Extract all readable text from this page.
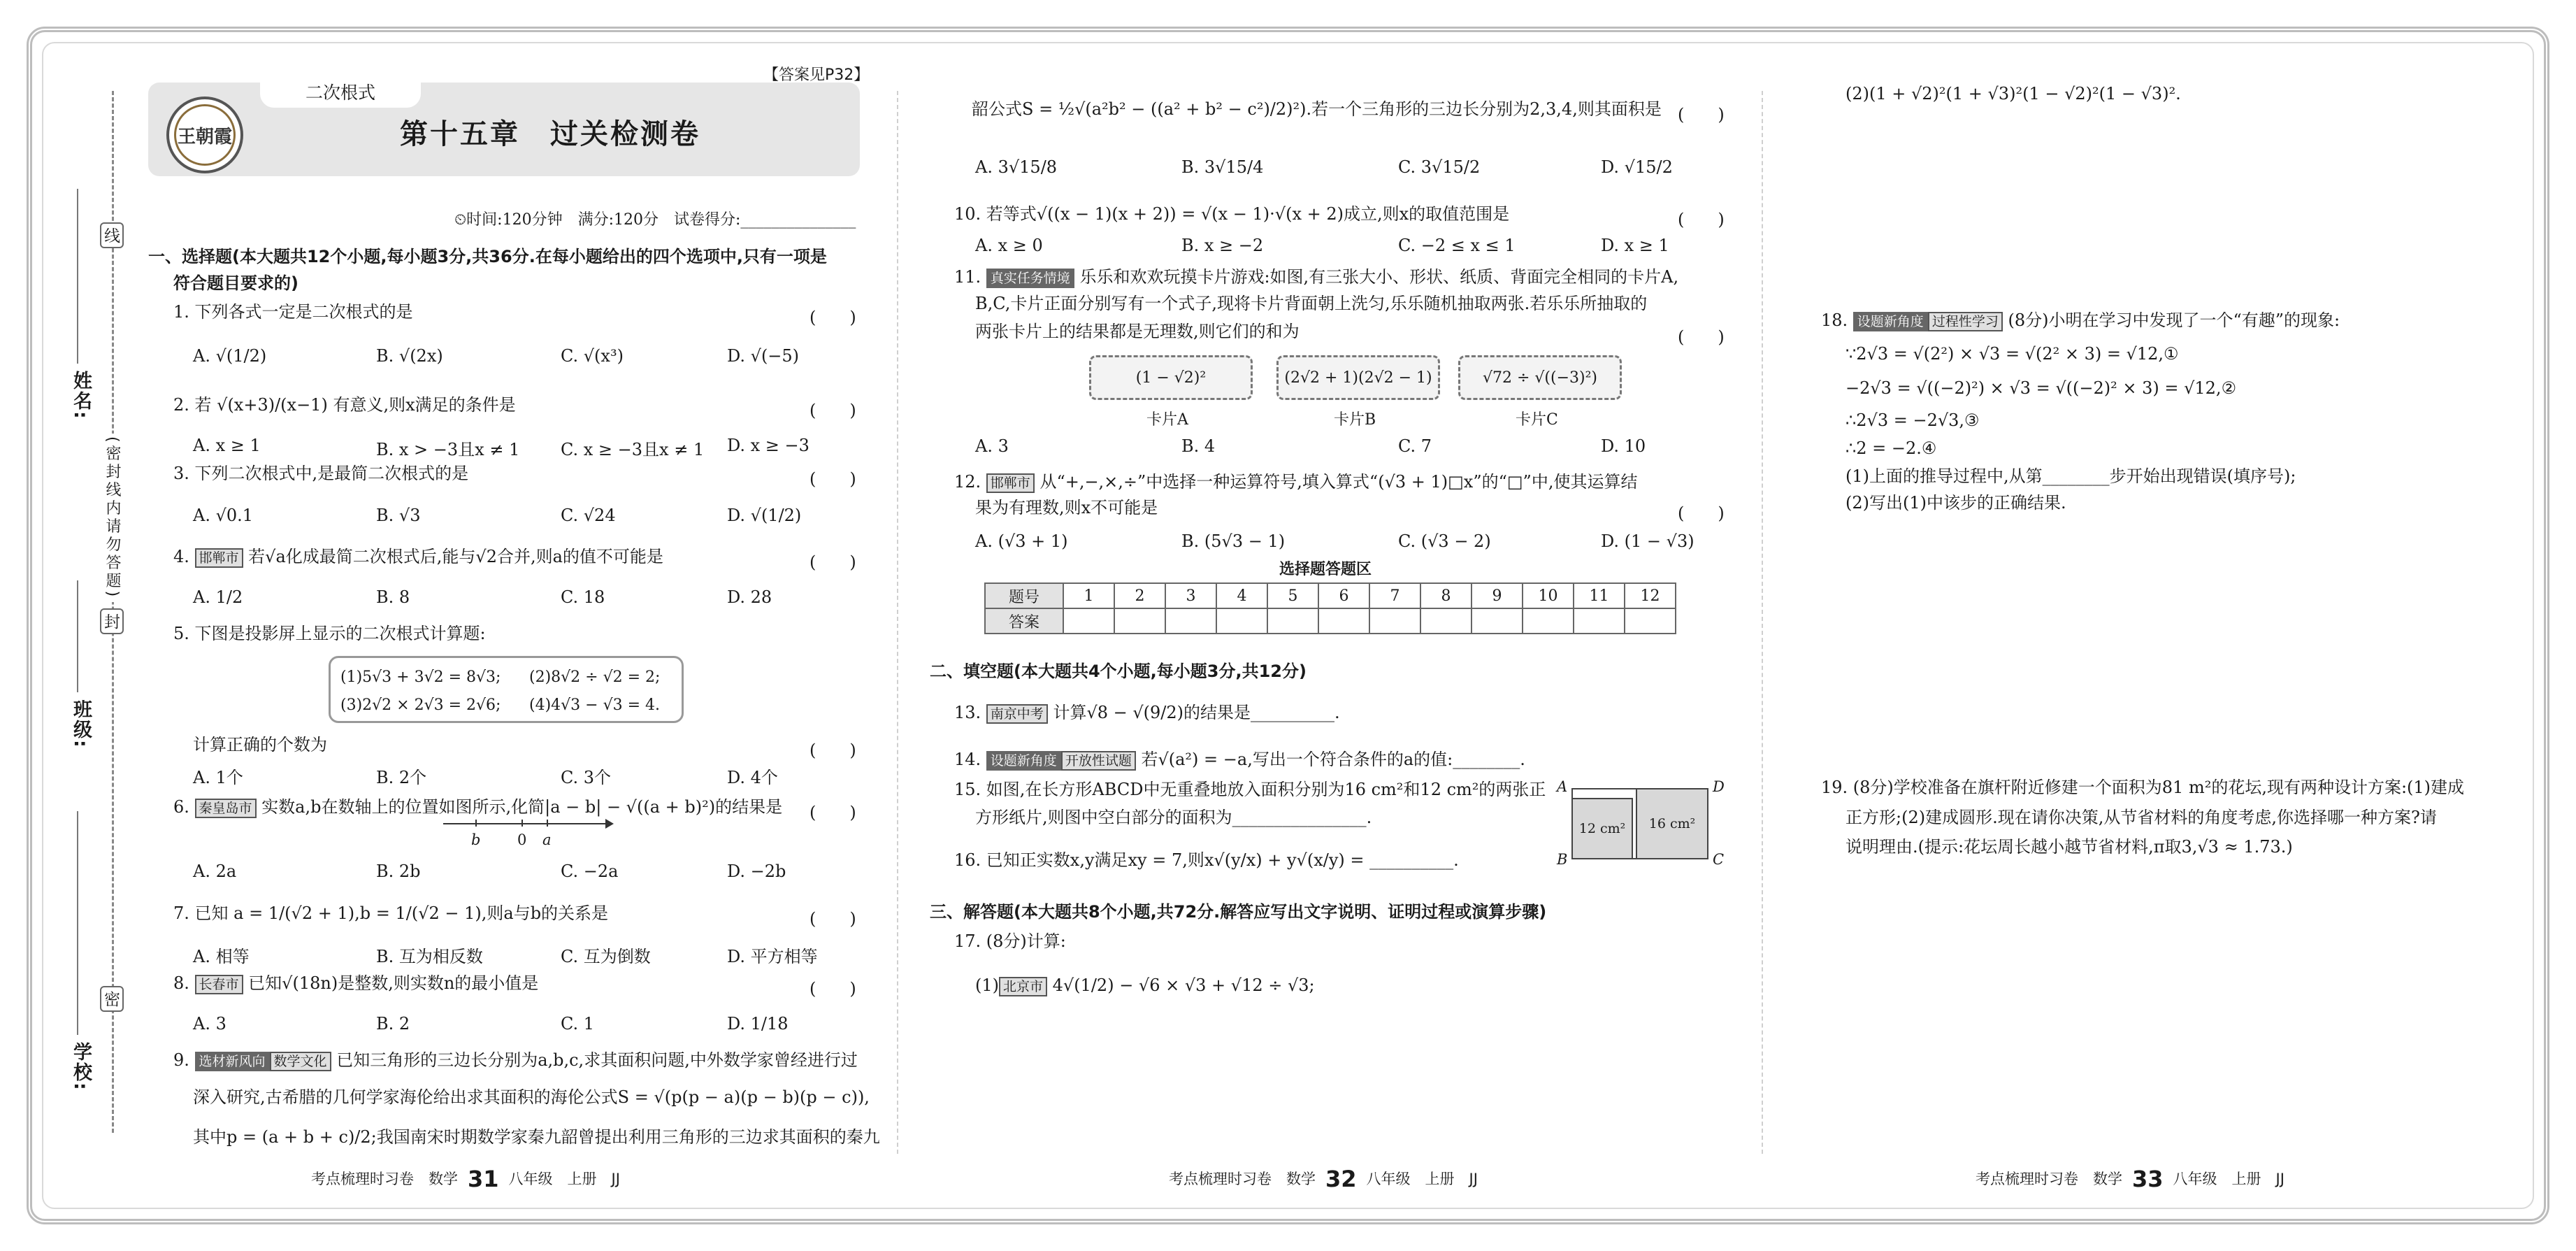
姓名:
班级:
学校:
线
封
密
(密封线内请勿答题)
王朝霞
二次根式
【答案见P32】
第十五章　过关检测卷
⏲时间:120分钟　满分:120分　试卷得分:_______________
一、选择题(本大题共12个小题,每小题3分,共36分.在每小题给出的四个选项中,只有一项是
符合题目要求的)
1. 下列各式一定是二次根式的是	(　　)
A. √(1/2)	B. √(2x)	C. √(x³)	D. √(−5)
2. 若 √(x+3)/(x−1) 有意义,则x满足的条件是	(　　)
A. x ≥ 1	B. x > −3且x ≠ 1 C. x ≥ −3且x ≠ 1 D. x ≥ −3
3. 下列二次根式中,是最简二次根式的是	(　　)
A. √0.1	B. √3	C. √24	D. √(1/2)
4. 邯郸市 若√a化成最简二次根式后,能与√2合并,则a的值不可能是	(　　)
A. 1/2	B. 8	C. 18	D. 28
5. 下图是投影屏上显示的二次根式计算题:
(1)5√3 + 3√2 = 8√3; (2)8√2 ÷ √2 = 2;
(3)2√2 × 2√3 = 2√6; (4)4√3 − √3 = 4.
计算正确的个数为	(　　)
A. 1个	B. 2个	C. 3个	D. 4个
6. 秦皇岛市 实数a,b在数轴上的位置如图所示,化简|a − b| − √((a + b)²)的结果是 (　　)
b	0 a
A. 2a	B. 2b	C. −2a	D. −2b
7. 已知 a = 1/(√2 + 1),b = 1/(√2 − 1),则a与b的关系是	(　　)
A. 相等	B. 互为相反数	C. 互为倒数	D. 平方相等
8. 长春市 已知√(18n)是整数,则实数n的最小值是	(　　)
A. 3	B. 2	C. 1	D. 1/18
9. 选材新风向 数学文化 已知三角形的三边长分别为a,b,c,求其面积问题,中外数学家曾经进行过
深入研究,古希腊的几何学家海伦给出求其面积的海伦公式S = √(p(p − a)(p − b)(p − c)),
其中p = (a + b + c)/2;我国南宋时期数学家秦九韶曾提出利用三角形的三边求其面积的秦九
考点梳理时习卷　数学 31 八年级　上册　JJ
韶公式S = ½√(a²b² − ((a² + b² − c²)/2)²).若一个三角形的三边长分别为2,3,4,则其面积是 (　　)
A. 3√15/8	B. 3√15/4	C. 3√15/2	D. √15/2
10. 若等式√((x − 1)(x + 2)) = √(x − 1)·√(x + 2)成立,则x的取值范围是	(　　)
A. x ≥ 0	B. x ≥ −2	C. −2 ≤ x ≤ 1	D. x ≥ 1
11. 真实任务情境 乐乐和欢欢玩摸卡片游戏:如图,有三张大小、形状、纸质、背面完全相同的卡片A,
B,C,卡片正面分别写有一个式子,现将卡片背面朝上洗匀,乐乐随机抽取两张.若乐乐所抽取的
两张卡片上的结果都是无理数,则它们的和为	(　　)
(1 − √2)²	(2√2 + 1)(2√2 − 1)	√72 ÷ √((−3)²)
卡片A	卡片B	卡片C
A. 3	B. 4	C. 7	D. 10
12. 邯郸市 从“+,−,×,÷”中选择一种运算符号,填入算式“(√3 + 1)□x”的“□”中,使其运算结
果为有理数,则x不可能是	(　　)
A. (√3 + 1)	B. (5√3 − 1)	C. (√3 − 2)	D. (1 − √3)
选择题答题区
题号	1	2	3	4	5	6	7	8	9	10	11	12
答案												
二、填空题(本大题共4个小题,每小题3分,共12分)
13. 南京中考 计算√8 − √(9/2)的结果是__________.
14. 设题新角度 开放性试题 若√(a²) = −a,写出一个符合条件的a的值:________.
15. 如图,在长方形ABCD中无重叠地放入面积分别为16 cm²和12 cm²的两张正
方形纸片,则图中空白部分的面积为________________.
12 cm²	16 cm²
A
B	C
D
16. 已知正实数x,y满足xy = 7,则x√(y/x) + y√(x/y) = __________.
三、解答题(本大题共8个小题,共72分.解答应写出文字说明、证明过程或演算步骤)
17. (8分)计算:
(1) 北京市 4√(1/2) − √6 × √3 + √12 ÷ √3;
考点梳理时习卷　数学 32 八年级　上册　JJ
(2)(1 + √2)²(1 + √3)²(1 − √2)²(1 − √3)².
18. 设题新角度 过程性学习 (8分)小明在学习中发现了一个“有趣”的现象:
∵2√3 = √(2²) × √3 = √(2² × 3) = √12,①
−2√3 = √((−2)²) × √3 = √((−2)² × 3) = √12,②
∴2√3 = −2√3,③
∴2 = −2.④
(1)上面的推导过程中,从第________步开始出现错误(填序号);
(2)写出(1)中该步的正确结果.
19. (8分)学校准备在旗杆附近修建一个面积为81 m²的花坛,现有两种设计方案:(1)建成
正方形;(2)建成圆形.现在请你决策,从节省材料的角度考虑,你选择哪一种方案?请
说明理由.(提示:花坛周长越小越节省材料,π取3,√3 ≈ 1.73.)
考点梳理时习卷　数学 33 八年级　上册　JJ
